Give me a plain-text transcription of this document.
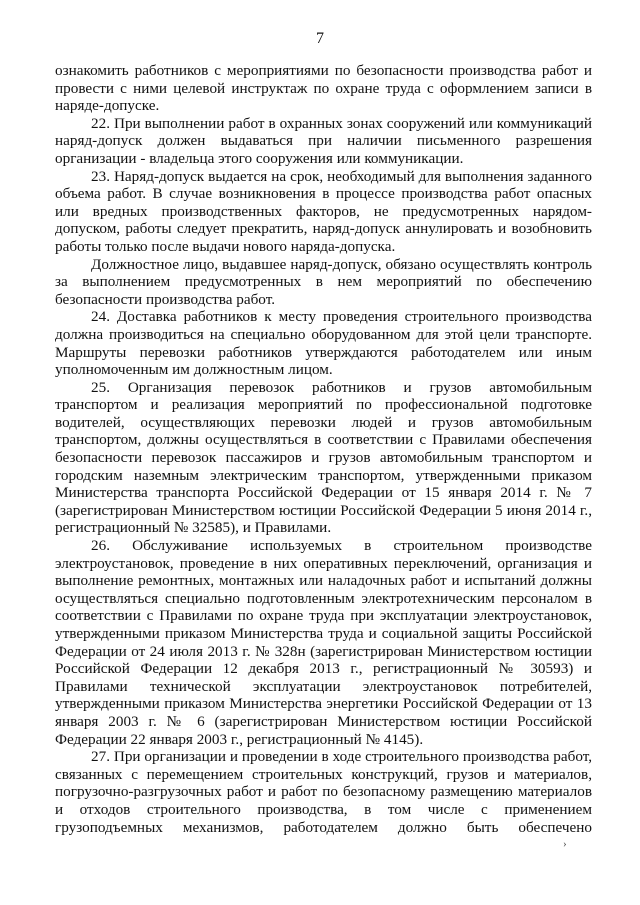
7

ознакомить работников с мероприятиями по безопасности производства работ и провести с ними целевой инструктаж по охране труда с оформлением записи в наряде-допуске.

22. При выполнении работ в охранных зонах сооружений или коммуникаций наряд-допуск должен выдаваться при наличии письменного разрешения организации - владельца этого сооружения или коммуникации.

23. Наряд-допуск выдается на срок, необходимый для выполнения заданного объема работ. В случае возникновения в процессе производства работ опасных или вредных производственных факторов, не предусмотренных нарядом-допуском, работы следует прекратить, наряд-допуск аннулировать и возобновить работы только после выдачи нового наряда-допуска.

Должностное лицо, выдавшее наряд-допуск, обязано осуществлять контроль за выполнением предусмотренных в нем мероприятий по обеспечению безопасности производства работ.

24. Доставка работников к месту проведения строительного производства должна производиться на специально оборудованном для этой цели транспорте. Маршруты перевозки работников утверждаются работодателем или иным уполномоченным им должностным лицом.

25. Организация перевозок работников и грузов автомобильным транспортом и реализация мероприятий по профессиональной подготовке водителей, осуществляющих перевозки людей и грузов автомобильным транспортом, должны осуществляться в соответствии с Правилами обеспечения безопасности перевозок пассажиров и грузов автомобильным транспортом и городским наземным электрическим транспортом, утвержденными приказом Министерства транспорта Российской Федерации от 15 января 2014 г. № 7 (зарегистрирован Министерством юстиции Российской Федерации 5 июня 2014 г., регистрационный № 32585), и Правилами.

26. Обслуживание используемых в строительном производстве электроустановок, проведение в них оперативных переключений, организация и выполнение ремонтных, монтажных или наладочных работ и испытаний должны осуществляться специально подготовленным электротехническим персоналом в соответствии с Правилами по охране труда при эксплуатации электроустановок, утвержденными приказом Министерства труда и социальной защиты Российской Федерации от 24 июля 2013 г. № 328н (зарегистрирован Министерством юстиции Российской Федерации 12 декабря 2013 г., регистрационный № 30593) и Правилами технической эксплуатации электроустановок потребителей, утвержденными приказом Министерства энергетики Российской Федерации от 13 января 2003 г. № 6 (зарегистрирован Министерством юстиции Российской Федерации 22 января 2003 г., регистрационный № 4145).

27. При организации и проведении в ходе строительного производства работ, связанных с перемещением строительных конструкций, грузов и материалов, погрузочно-разгрузочных работ и работ по безопасному размещению материалов и отходов строительного производства, в том числе с применением грузоподъемных механизмов, работодателем должно быть обеспечено

›
